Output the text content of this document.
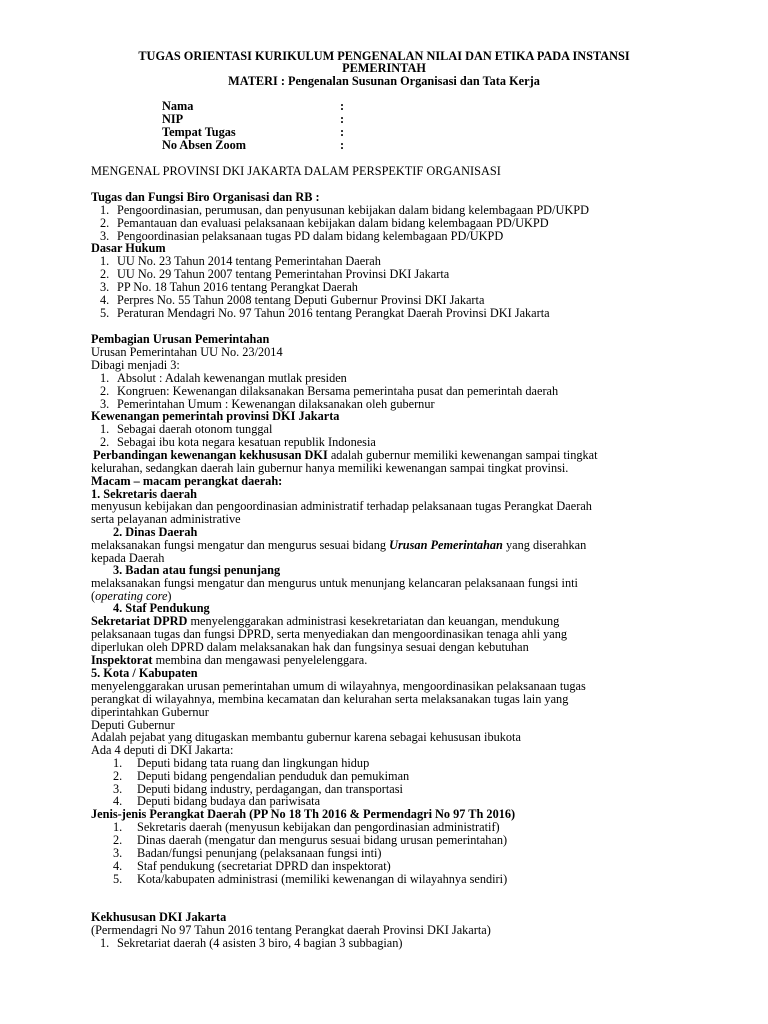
TUGAS ORIENTASI KURIKULUM PENGENALAN NILAI DAN ETIKA PADA INSTANSI
PEMERINTAH
MATERI : Pengenalan Susunan Organisasi dan Tata Kerja
Nama	:
NIP	:
Tempat Tugas	:
No Absen Zoom	:
MENGENAL PROVINSI DKI JAKARTA DALAM PERSPEKTIF ORGANISASI
Tugas dan Fungsi Biro Organisasi dan RB :
1. Pengoordinasian, perumusan, dan penyusunan kebijakan dalam bidang kelembagaan PD/UKPD
2. Pemantauan dan evaluasi pelaksanaan kebijakan dalam bidang kelembagaan PD/UKPD
3. Pengoordinasian pelaksanaan tugas PD dalam bidang kelembagaan PD/UKPD
Dasar Hukum
1. UU No. 23 Tahun 2014 tentang Pemerintahan Daerah
2. UU No. 29 Tahun 2007 tentang Pemerintahan Provinsi DKI Jakarta
3. PP No. 18 Tahun 2016 tentang Perangkat Daerah
4. Perpres No. 55 Tahun 2008 tentang Deputi Gubernur Provinsi DKI Jakarta
5. Peraturan Mendagri No. 97 Tahun 2016 tentang Perangkat Daerah Provinsi DKI Jakarta
Pembagian Urusan Pemerintahan
Urusan Pemerintahan UU No. 23/2014
Dibagi menjadi 3:
1. Absolut : Adalah kewenangan mutlak presiden
2. Kongruen: Kewenangan dilaksanakan Bersama pemerintaha pusat dan pemerintah daerah
3. Pemerintahan Umum : Kewenangan dilaksanakan oleh gubernur
Kewenangan pemerintah provinsi DKI Jakarta
1. Sebagai daerah otonom tunggal
2. Sebagai ibu kota negara kesatuan republik Indonesia
Perbandingan kewenangan kekhususan DKI adalah gubernur memiliki kewenangan sampai tingkat
kelurahan, sedangkan daerah lain gubernur hanya memiliki kewenangan sampai tingkat provinsi.
Macam – macam perangkat daerah:
1. Sekretaris daerah
menyusun kebijakan dan pengoordinasian administratif terhadap pelaksanaan tugas Perangkat Daerah
serta pelayanan administrative
2. Dinas Daerah
melaksanakan fungsi mengatur dan mengurus sesuai bidang Urusan Pemerintahan yang diserahkan
kepada Daerah
3. Badan atau fungsi penunjang
melaksanakan fungsi mengatur dan mengurus untuk menunjang kelancaran pelaksanaan fungsi inti
(operating core)
4. Staf Pendukung
Sekretariat DPRD menyelenggarakan administrasi kesekretariatan dan keuangan, mendukung
pelaksanaan tugas dan fungsi DPRD, serta menyediakan dan mengoordinasikan tenaga ahli yang
diperlukan oleh DPRD dalam melaksanakan hak dan fungsinya sesuai dengan kebutuhan
Inspektorat membina dan mengawasi penyelelenggara.
5. Kota / Kabupaten
menyelenggarakan urusan pemerintahan umum di wilayahnya, mengoordinasikan pelaksanaan tugas
perangkat di wilayahnya, membina kecamatan dan kelurahan serta melaksanakan tugas lain yang
diperintahkan Gubernur
Deputi Gubernur
Adalah pejabat yang ditugaskan membantu gubernur karena sebagai kehususan ibukota
Ada 4 deputi di DKI Jakarta:
1. Deputi bidang tata ruang dan lingkungan hidup
2. Deputi bidang pengendalian penduduk dan pemukiman
3. Deputi bidang industry, perdagangan, dan transportasi
4. Deputi bidang budaya dan pariwisata
Jenis-jenis Perangkat Daerah (PP No 18 Th 2016 & Permendagri No 97 Th 2016)
1. Sekretaris daerah (menyusun kebijakan dan pengordinasian administratif)
2. Dinas daerah (mengatur dan mengurus sesuai bidang urusan pemerintahan)
3. Badan/fungsi penunjang (pelaksanaan fungsi inti)
4. Staf pendukung (secretariat DPRD dan inspektorat)
5. Kota/kabupaten administrasi (memiliki kewenangan di wilayahnya sendiri)
Kekhususan DKI Jakarta
(Permendagri No 97 Tahun 2016 tentang Perangkat daerah Provinsi DKI Jakarta)
1. Sekretariat daerah (4 asisten 3 biro, 4 bagian 3 subbagian)
